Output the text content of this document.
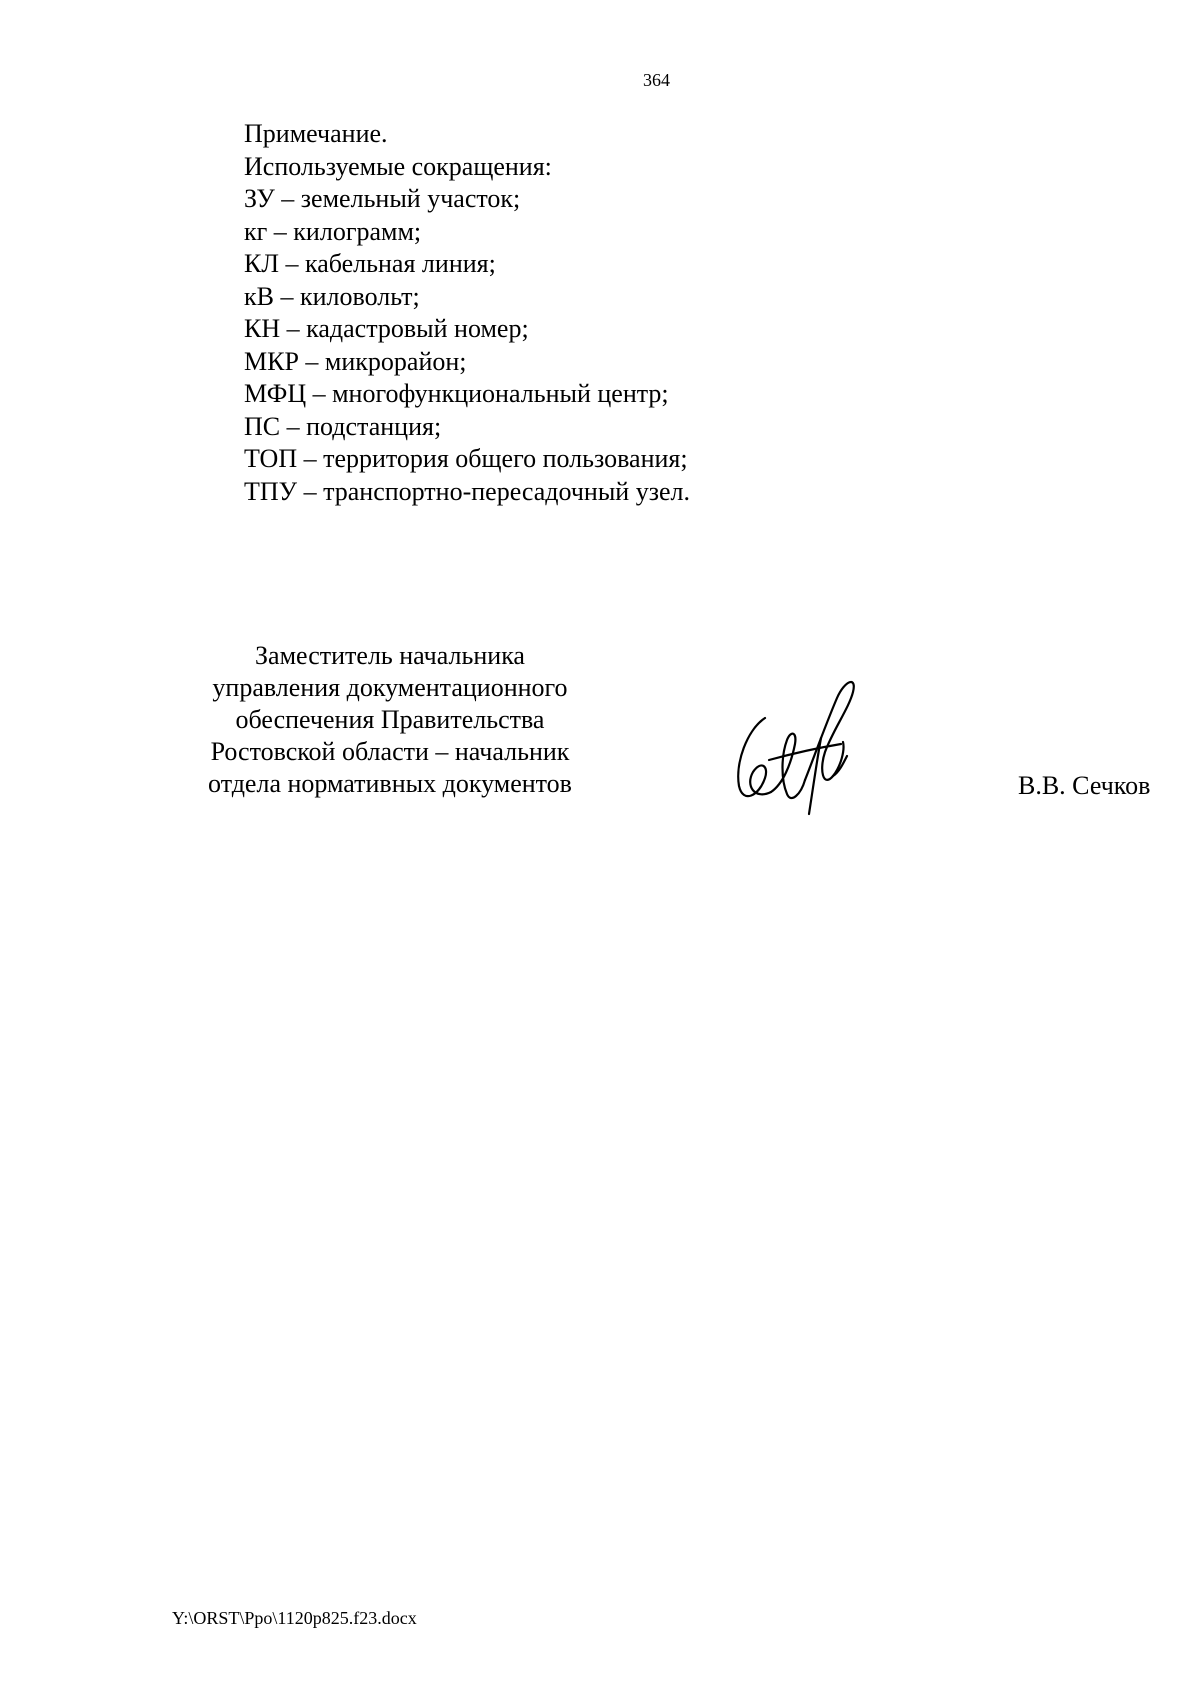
364
Примечание.
Используемые сокращения:
ЗУ – земельный участок;
кг – килограмм;
КЛ – кабельная линия;
кВ – киловольт;
КН – кадастровый номер;
МКР – микрорайон;
МФЦ – многофункциональный центр;
ПС – подстанция;
ТОП – территория общего пользования;
ТПУ – транспортно-пересадочный узел.
Заместитель начальника
управления документационного
обеспечения Правительства
Ростовской области – начальник
отдела нормативных документов	В.В. Сечков
Y:\ORST\Ppo\1120p825.f23.docx
